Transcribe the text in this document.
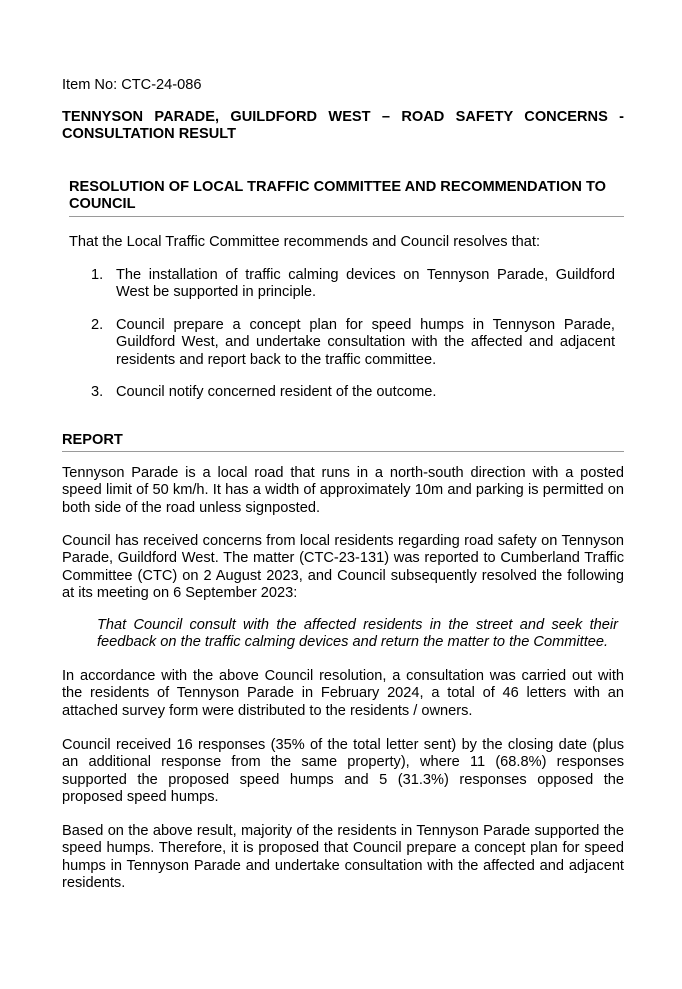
Item No: CTC-24-086
TENNYSON PARADE, GUILDFORD WEST – ROAD SAFETY CONCERNS - CONSULTATION RESULT
RESOLUTION OF LOCAL TRAFFIC COMMITTEE AND RECOMMENDATION TO COUNCIL
That the Local Traffic Committee recommends and Council resolves that:
1. The installation of traffic calming devices on Tennyson Parade, Guildford West be supported in principle.
2. Council prepare a concept plan for speed humps in Tennyson Parade, Guildford West, and undertake consultation with the affected and adjacent residents and report back to the traffic committee.
3. Council notify concerned resident of the outcome.
REPORT
Tennyson Parade is a local road that runs in a north-south direction with a posted speed limit of 50 km/h. It has a width of approximately 10m and parking is permitted on both side of the road unless signposted.
Council has received concerns from local residents regarding road safety on Tennyson Parade, Guildford West. The matter (CTC-23-131) was reported to Cumberland Traffic Committee (CTC) on 2 August 2023, and Council subsequently resolved the following at its meeting on 6 September 2023:
That Council consult with the affected residents in the street and seek their feedback on the traffic calming devices and return the matter to the Committee.
In accordance with the above Council resolution, a consultation was carried out with the residents of Tennyson Parade in February 2024, a total of 46 letters with an attached survey form were distributed to the residents / owners.
Council received 16 responses (35% of the total letter sent) by the closing date (plus an additional response from the same property), where 11 (68.8%) responses supported the proposed speed humps and 5 (31.3%) responses opposed the proposed speed humps.
Based on the above result, majority of the residents in Tennyson Parade supported the speed humps. Therefore, it is proposed that Council prepare a concept plan for speed humps in Tennyson Parade and undertake consultation with the affected and adjacent residents.
